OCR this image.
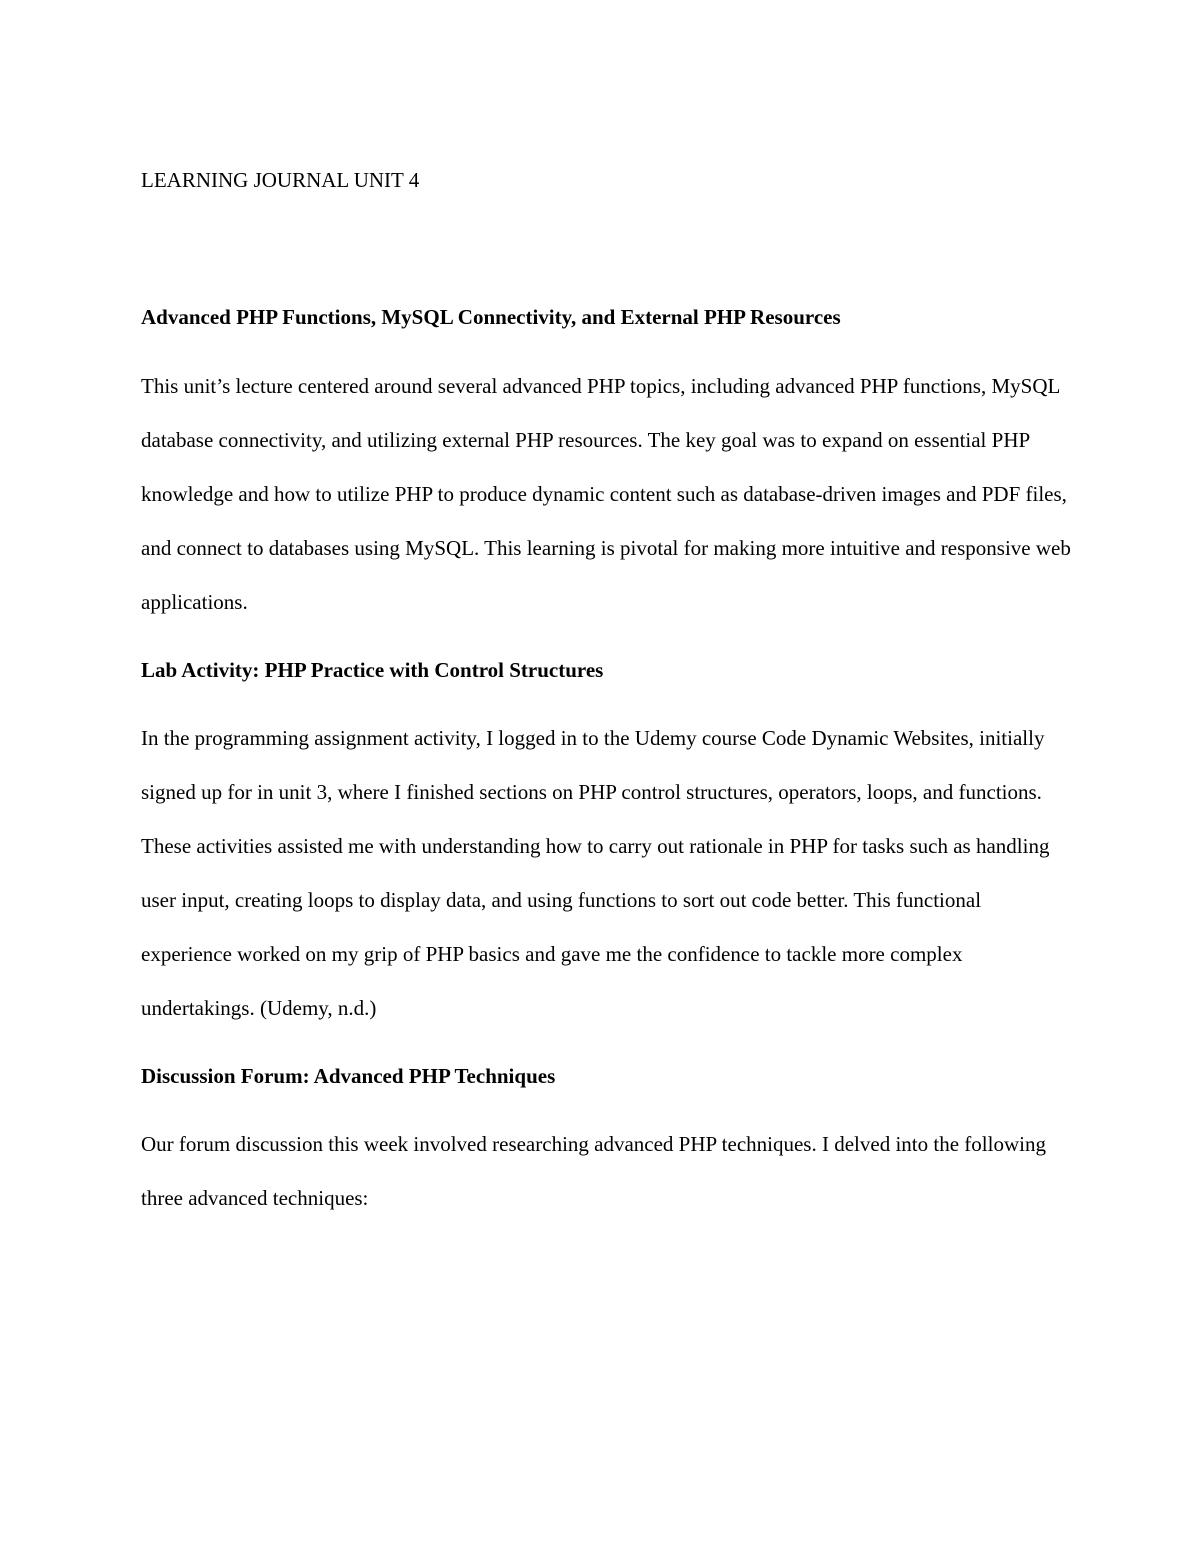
LEARNING JOURNAL UNIT 4
Advanced PHP Functions, MySQL Connectivity, and External PHP Resources

This unit’s lecture centered around several advanced PHP topics, including advanced PHP functions, MySQL database connectivity, and utilizing external PHP resources. The key goal was to expand on essential PHP knowledge and how to utilize PHP to produce dynamic content such as database-driven images and PDF files, and connect to databases using MySQL. This learning is pivotal for making more intuitive and responsive web applications.

Lab Activity: PHP Practice with Control Structures

In the programming assignment activity, I logged in to the Udemy course Code Dynamic Websites, initially signed up for in unit 3, where I finished sections on PHP control structures, operators, loops, and functions. These activities assisted me with understanding how to carry out rationale in PHP for tasks such as handling user input, creating loops to display data, and using functions to sort out code better. This functional experience worked on my grip of PHP basics and gave me the confidence to tackle more complex undertakings. (Udemy, n.d.)

Discussion Forum: Advanced PHP Techniques

Our forum discussion this week involved researching advanced PHP techniques. I delved into the following three advanced techniques:
